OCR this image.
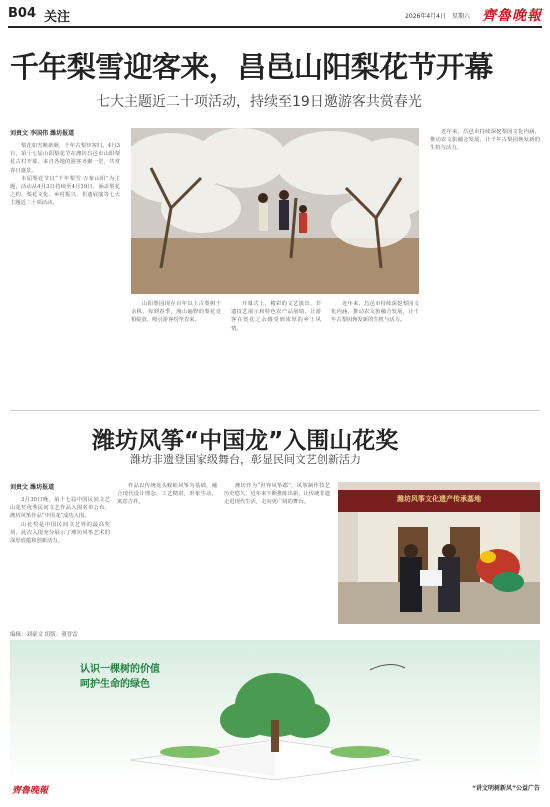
B04 关注	2026年4月4日 星期六 齊魯晚報
千年梨雪迎客来，昌邑山阳梨花节开幕
七大主题近二十项活动，持续至19日邀游客共赏春光
刘贵文 李国伟 潍坊报道

梨花如雪映新颜，千年古梨待客归。4月3日，第十七届山阳梨花节在潍坊昌邑市山阳梨花古村开幕，来自各地的游客齐聚一堂，共赏春日盛景。

本届梨花节以“千年梨雪·万象山阳”为主题，活动从4月3日持续至4月19日，涵盖梨花之约、梨花文化、乡村振兴、非遗展演等七大主题近二十项活动。

山阳梨园现存百年以上古梨树千余株，每到春季，漫山遍野的梨花竞相绽放，吸引游客纷至沓来。

开幕式上，精彩的文艺演出、非遗技艺展示和特色农产品展销，让游客在赏花之余感受到浓厚的乡土风情。

近年来，昌邑市持续深挖梨园文化内涵，推动农文旅融合发展，让千年古梨园焕发新的生机与活力。

近年来，昌邑市持续深挖梨园文化内涵，推动农文旅融合发展，让千年古梨园焕发新的生机与活力。

潍坊风筝“中国龙”入围山花奖
潍坊非遗登国家级舞台，彰显民间文艺创新活力
刘贵文 潍坊报道

3月30日晚，第十七届中国民间文艺山花奖优秀民间文艺作品入围名单公布，潍坊风筝作品“中国龙”成功入围。

山花奖是中国民间文艺界的最高奖项，此次入围充分展示了潍坊风筝艺术的深厚底蕴和创新活力。

作品以传统龙头蜈蚣风筝为基础，融合现代设计理念，工艺精湛，形象生动，寓意吉祥。

潍坊作为“世界风筝都”，风筝制作技艺历史悠久，近年来不断推陈出新，让传统非遗走进现代生活，走向更广阔的舞台。	潍坊风筝文化遗产传承基地
编辑：刘豪文 组版：董晋雷
认识一棵树的价值
呵护生命的绿色
齊魯晚報	“讲文明树新风”公益广告
